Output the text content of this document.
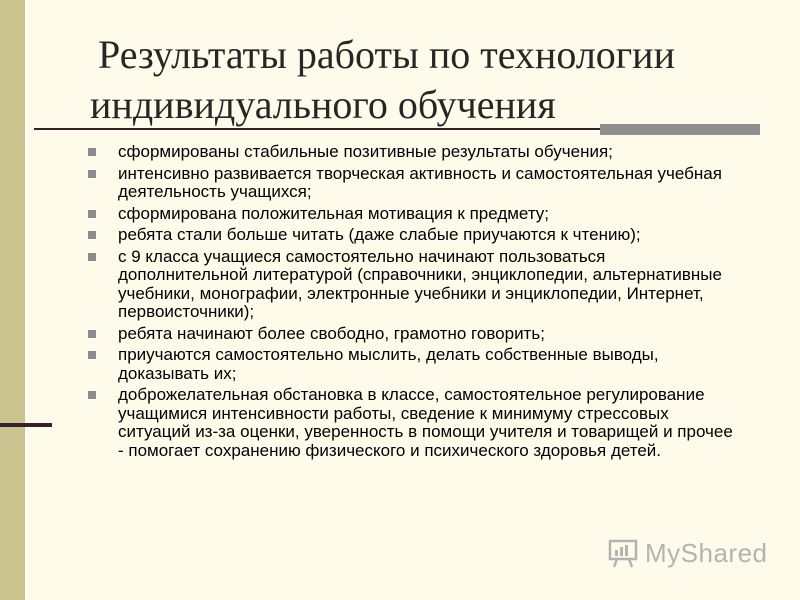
Результаты работы по технологии
индивидуального обучения
сформированы стабильные позитивные результаты обучения;
интенсивно развивается творческая активность и самостоятельная учебная деятельность учащихся;
сформирована положительная мотивация к предмету;
ребята стали больше читать (даже слабые приучаются к чтению);
с 9 класса учащиеся самостоятельно начинают пользоваться дополнительной литературой (справочники, энциклопедии, альтернативные учебники, монографии, электронные учебники и энциклопедии, Интернет, первоисточники);
ребята начинают более свободно, грамотно говорить;
приучаются самостоятельно мыслить, делать собственные выводы, доказывать их;
доброжелательная обстановка в классе, самостоятельное регулирование учащимися интенсивности работы, сведение к минимуму стрессовых ситуаций из-за оценки, уверенность в помощи учителя и товарищей и прочее - помогает сохранению физического и психического здоровья детей.
MyShared
